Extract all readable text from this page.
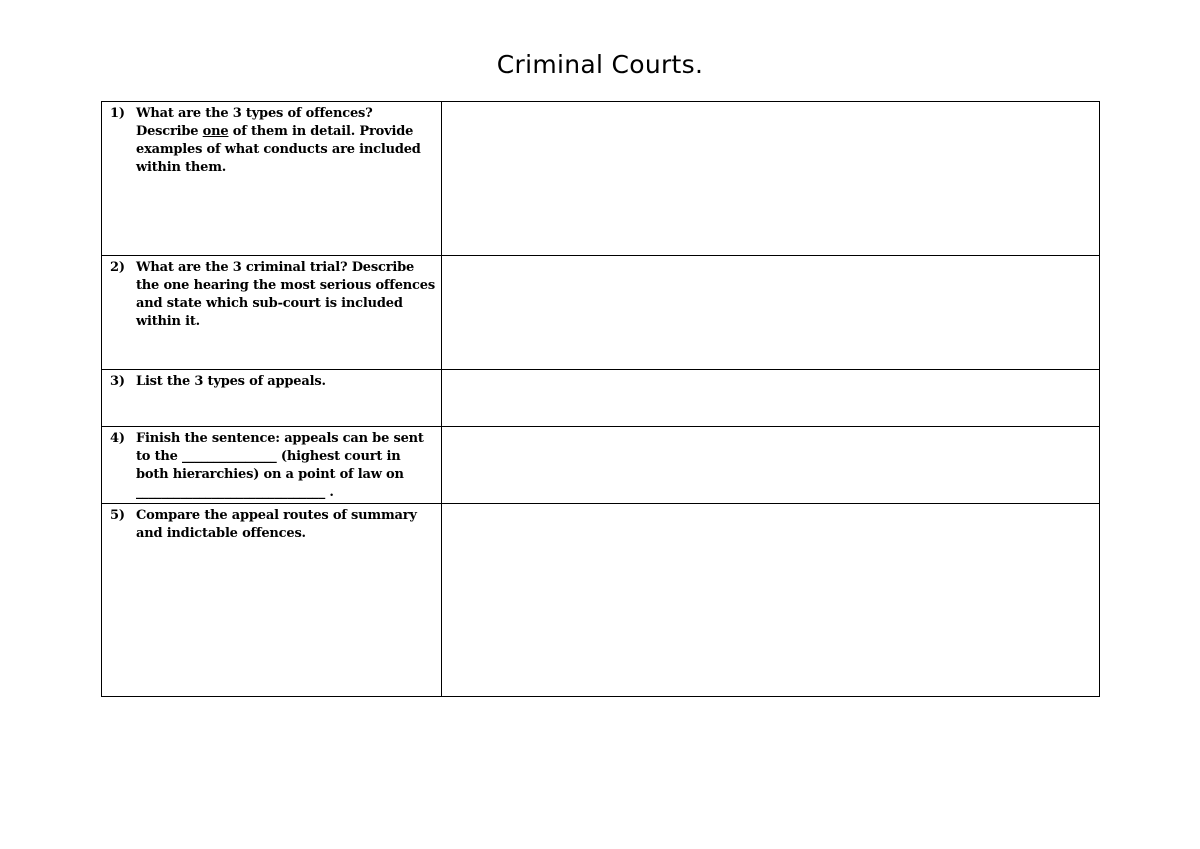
Criminal Courts.
1) What are the 3 types of offences? Describe one of them in detail. Provide examples of what conducts are included within them.	

2) What are the 3 criminal trial? Describe the one hearing the most serious offences and state which sub-court is included within it.	

3) List the 3 types of appeals.	

4) Finish the sentence: appeals can be sent to the _______________ (highest court in both hierarchies) on a point of law on ______________________________ .	

5) Compare the appeal routes of summary and indictable offences.	
